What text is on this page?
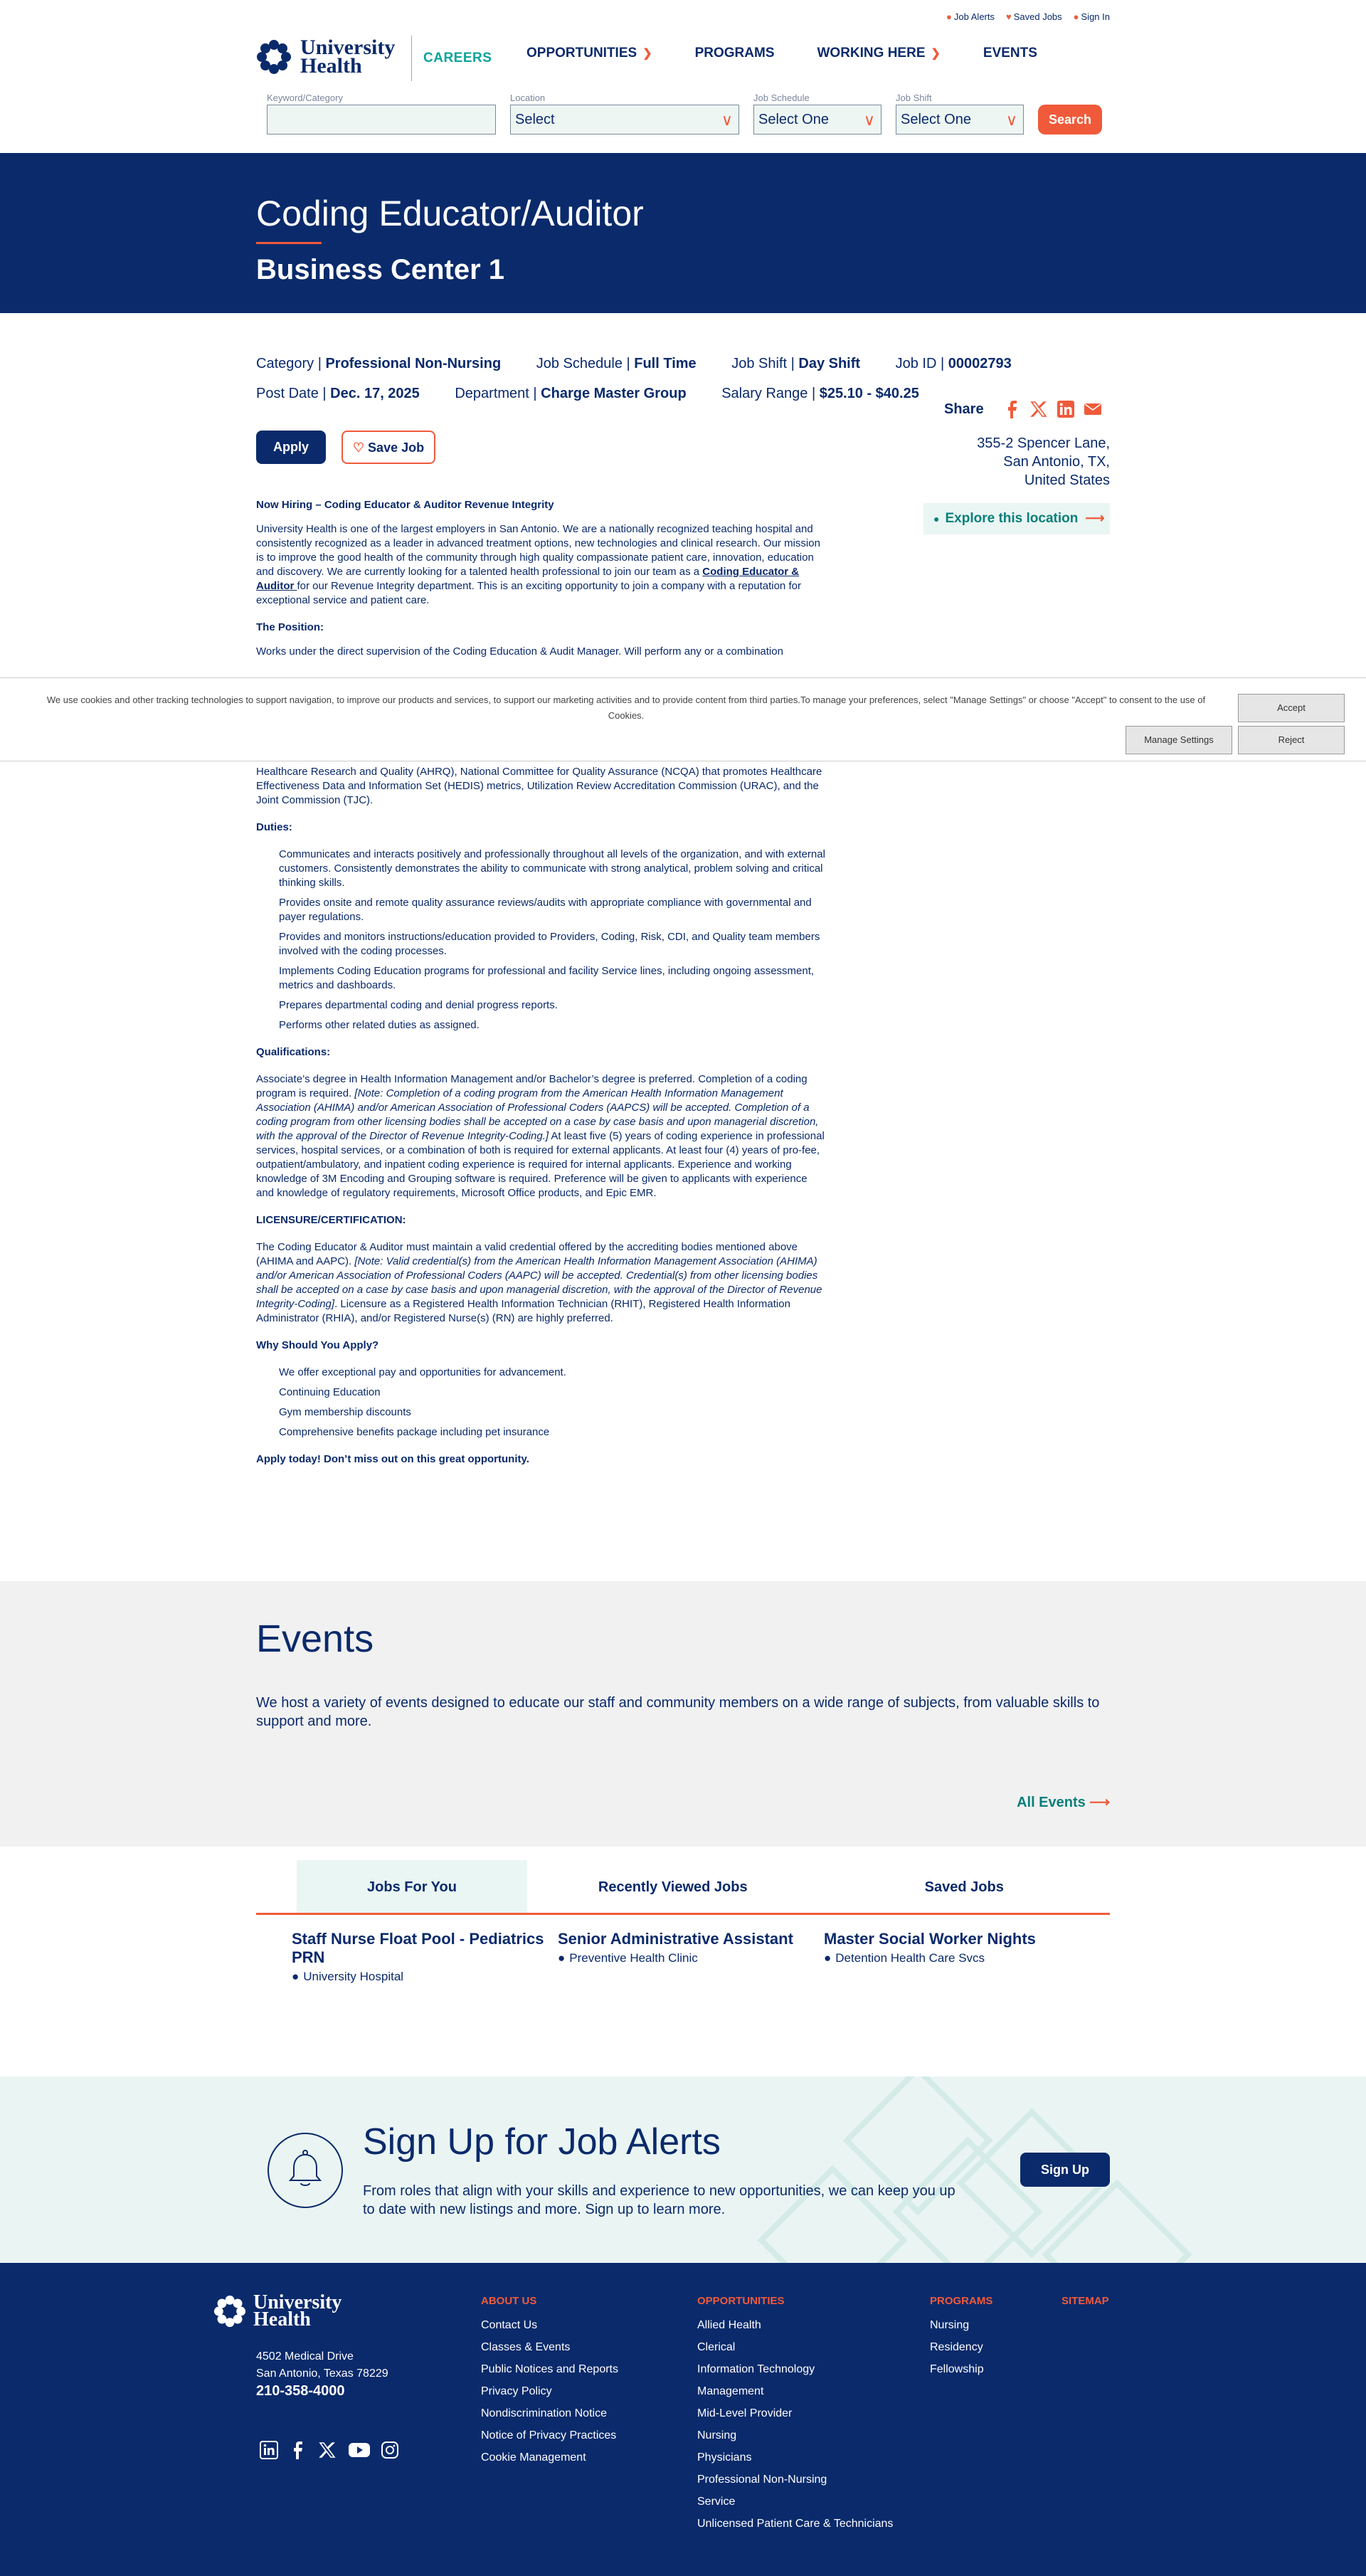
● Job Alerts ♥ Saved Jobs ● Sign In
University
Health	CAREERS	OPPORTUNITIES ❯	PROGRAMS	WORKING HERE ❯	EVENTS
Keyword/Category	Location
Select	∨
Job Schedule
Select One ∨
Job Shift
Select One ∨	Search
Coding Educator/Auditor
Business Center 1
Category | Professional Non-Nursing Job Schedule | Full Time Job Shift | Day Shift Job ID | 00002793
Post Date | Dec. 17, 2025 Department | Charge Master Group Salary Range | $25.10 - $40.25
Apply	♡ Save Job
Share
355-2 Spencer Lane,
San Antonio, TX,
United States
● Explore this location ⟶
Now Hiring – Coding Educator & Auditor Revenue Integrity

University Health is one of the largest employers in San Antonio. We are a nationally recognized teaching hospital and consistently recognized as a leader in advanced treatment options, new technologies and clinical research. Our mission is to improve the good health of the community through high quality compassionate patient care, innovation, education and discovery. We are currently looking for a talented health professional to join our team as a Coding Educator & Auditor for our Revenue Integrity department. This is an exciting opportunity to join a company with a reputation for exceptional service and patient care.

The Position:

Works under the direct supervision of the Coding Education & Audit Manager. Will perform any or a combination

We use cookies and other tracking technologies to support navigation, to improve our products and services, to support our marketing activities and to provide content from third parties.To manage your preferences, select "Manage Settings" or choose "Accept" to consent to the use of Cookies.
Accept
Manage Settings	Reject

Healthcare Research and Quality (AHRQ), National Committee for Quality Assurance (NCQA) that promotes Healthcare Effectiveness Data and Information Set (HEDIS) metrics, Utilization Review Accreditation Commission (URAC), and the Joint Commission (TJC).

Duties:
Communicates and interacts positively and professionally throughout all levels of the organization, and with external customers. Consistently demonstrates the ability to communicate with strong analytical, problem solving and critical thinking skills.
Provides onsite and remote quality assurance reviews/audits with appropriate compliance with governmental and payer regulations.
Provides and monitors instructions/education provided to Providers, Coding, Risk, CDI, and Quality team members involved with the coding processes.
Implements Coding Education programs for professional and facility Service lines, including ongoing assessment, metrics and dashboards.
Prepares departmental coding and denial progress reports.
Performs other related duties as assigned.
Qualifications:

Associate’s degree in Health Information Management and/or Bachelor’s degree is preferred. Completion of a coding program is required. [Note: Completion of a coding program from the American Health Information Management Association (AHIMA) and/or American Association of Professional Coders (AAPCS) will be accepted. Completion of a coding program from other licensing bodies shall be accepted on a case by case basis and upon managerial discretion, with the approval of the Director of Revenue Integrity-Coding.] At least five (5) years of coding experience in professional services, hospital services, or a combination of both is required for external applicants. At least four (4) years of pro-fee, outpatient/ambulatory, and inpatient coding experience is required for internal applicants. Experience and working knowledge of 3M Encoding and Grouping software is required. Preference will be given to applicants with experience and knowledge of regulatory requirements, Microsoft Office products, and Epic EMR.

LICENSURE/CERTIFICATION:

The Coding Educator & Auditor must maintain a valid credential offered by the accrediting bodies mentioned above (AHIMA and AAPC). [Note: Valid credential(s) from the American Health Information Management Association (AHIMA) and/or American Association of Professional Coders (AAPC) will be accepted. Credential(s) from other licensing bodies shall be accepted on a case by case basis and upon managerial discretion, with the approval of the Director of Revenue Integrity-Coding]. Licensure as a Registered Health Information Technician (RHIT), Registered Health Information Administrator (RHIA), and/or Registered Nurse(s) (RN) are highly preferred.

Why Should You Apply?
We offer exceptional pay and opportunities for advancement.
Continuing Education
Gym membership discounts
Comprehensive benefits package including pet insurance
Apply today! Don’t miss out on this great opportunity.
Events

We host a variety of events designed to educate our staff and community members on a wide range of subjects, from valuable skills to support and more.

All Events ⟶
Jobs For You	Recently Viewed Jobs	Saved Jobs
Staff Nurse Float Pool - Pediatrics PRN
● University Hospital
Senior Administrative Assistant
● Preventive Health Clinic
Master Social Worker Nights
● Detention Health Care Svcs
Sign Up for Job Alerts

From roles that align with your skills and experience to new opportunities, we can keep you up to date with new listings and more. Sign up to learn more.

Sign Up
University
Health
4502 Medical Drive
San Antonio, Texas 78229
210-358-4000
ABOUT US
Contact Us
Classes & Events
Public Notices and Reports
Privacy Policy
Nondiscrimination Notice
Notice of Privacy Practices
Cookie Management
OPPORTUNITIES
Allied Health
Clerical
Information Technology
Management
Mid-Level Provider
Nursing
Physicians
Professional Non-Nursing
Service
Unlicensed Patient Care & Technicians
PROGRAMS
Nursing
Residency
Fellowship
SITEMAP
